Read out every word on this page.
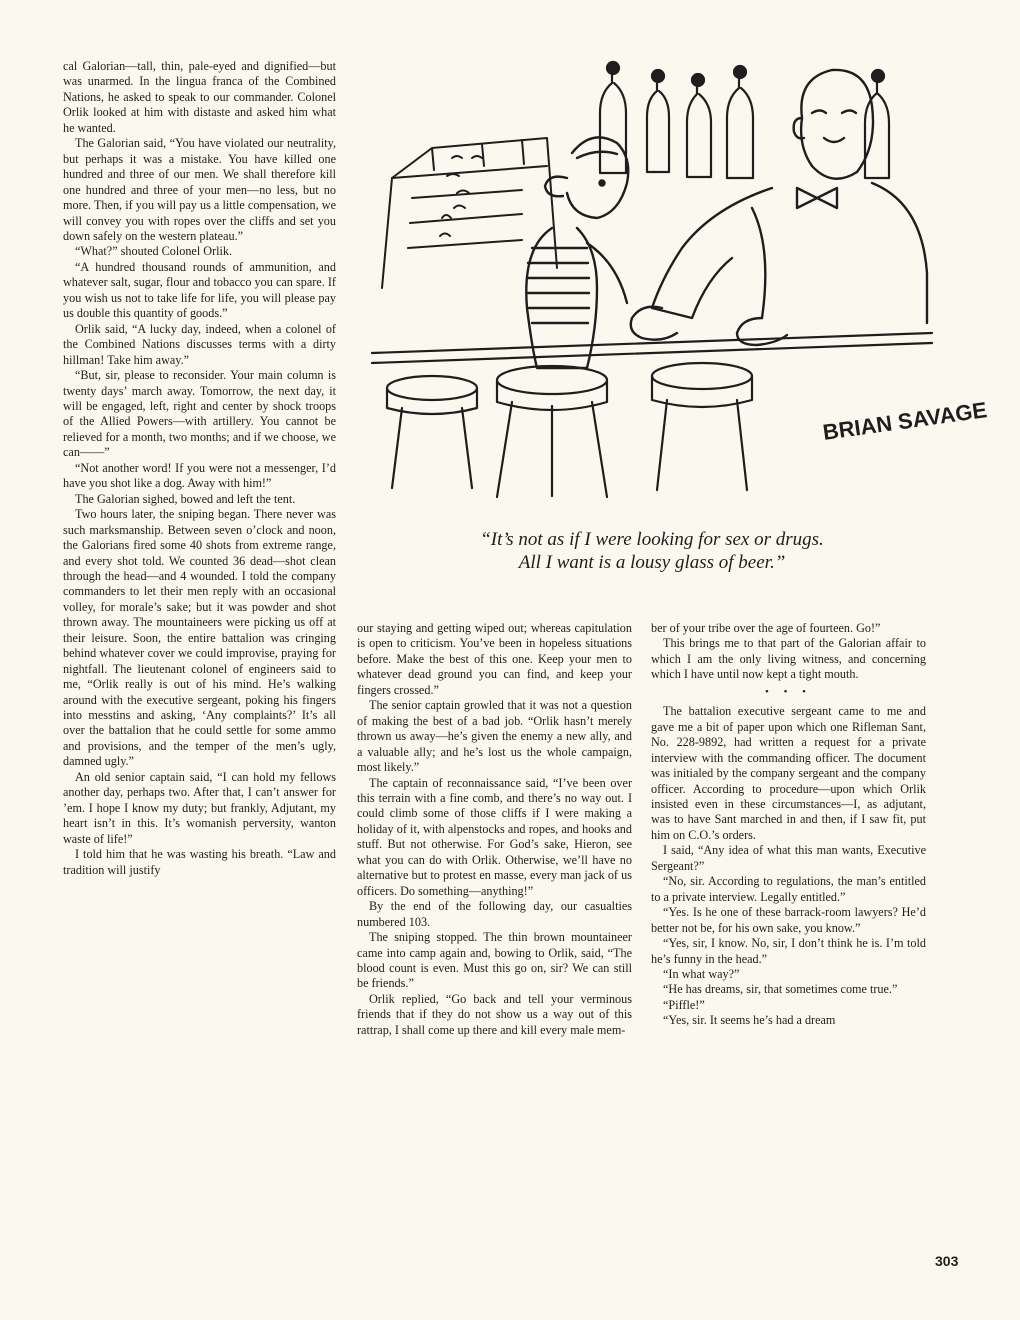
cal Galorian—tall, thin, pale-eyed and dignified—but was unarmed. In the lingua franca of the Combined Nations, he asked to speak to our commander. Colonel Orlik looked at him with distaste and asked him what he wanted.

The Galorian said, “You have violated our neutrality, but perhaps it was a mistake. You have killed one hundred and three of our men. We shall therefore kill one hundred and three of your men—no less, but no more. Then, if you will pay us a little compensation, we will convey you with ropes over the cliffs and set you down safely on the western plateau.”

“What?” shouted Colonel Orlik.

“A hundred thousand rounds of ammunition, and whatever salt, sugar, flour and tobacco you can spare. If you wish us not to take life for life, you will please pay us double this quantity of goods.”

Orlik said, “A lucky day, indeed, when a colonel of the Combined Nations discusses terms with a dirty hillman! Take him away.”

“But, sir, please to reconsider. Your main column is twenty days’ march away. Tomorrow, the next day, it will be engaged, left, right and center by shock troops of the Allied Powers—with artillery. You cannot be relieved for a month, two months; and if we choose, we can——”

“Not another word! If you were not a messenger, I’d have you shot like a dog. Away with him!”

The Galorian sighed, bowed and left the tent.

Two hours later, the sniping began. There never was such marksmanship. Between seven o’clock and noon, the Galorians fired some 40 shots from extreme range, and every shot told. We counted 36 dead—shot clean through the head—and 4 wounded. I told the company commanders to let their men reply with an occasional volley, for morale’s sake; but it was powder and shot thrown away. The mountaineers were picking us off at their leisure. Soon, the entire battalion was cringing behind whatever cover we could improvise, praying for nightfall. The lieutenant colonel of engineers said to me, “Orlik really is out of his mind. He’s walking around with the executive sergeant, poking his fingers into messtins and asking, ‘Any complaints?’ It’s all over the battalion that he could settle for some ammo and provisions, and the temper of the men’s ugly, damned ugly.”

An old senior captain said, “I can hold my fellows another day, perhaps two. After that, I can’t answer for ’em. I hope I know my duty; but frankly, Adjutant, my heart isn’t in this. It’s womanish perversity, wanton waste of life!”

I told him that he was wasting his breath. “Law and tradition will justify

BRIAN SAVAGE
“It’s not as if I were looking for sex or drugs.
All I want is a lousy glass of beer.”

our staying and getting wiped out; whereas capitulation is open to criticism. You’ve been in hopeless situations before. Make the best of this one. Keep your men to whatever dead ground you can find, and keep your fingers crossed.”

The senior captain growled that it was not a question of making the best of a bad job. “Orlik hasn’t merely thrown us away—he’s given the enemy a new ally, and a valuable ally; and he’s lost us the whole campaign, most likely.”

The captain of reconnaissance said, “I’ve been over this terrain with a fine comb, and there’s no way out. I could climb some of those cliffs if I were making a holiday of it, with alpenstocks and ropes, and hooks and stuff. But not otherwise. For God’s sake, Hieron, see what you can do with Orlik. Otherwise, we’ll have no alternative but to protest en masse, every man jack of us officers. Do something—anything!”

By the end of the following day, our casualties numbered 103.

The sniping stopped. The thin brown mountaineer came into camp again and, bowing to Orlik, said, “The blood count is even. Must this go on, sir? We can still be friends.”

Orlik replied, “Go back and tell your verminous friends that if they do not show us a way out of this rattrap, I shall come up there and kill every male mem-

ber of your tribe over the age of fourteen. Go!”

This brings me to that part of the Galorian affair to which I am the only living witness, and concerning which I have until now kept a tight mouth.

• • •

The battalion executive sergeant came to me and gave me a bit of paper upon which one Rifleman Sant, No. 228-9892, had written a request for a private interview with the commanding officer. The document was initialed by the company sergeant and the company officer. According to procedure—upon which Orlik insisted even in these circumstances—I, as adjutant, was to have Sant marched in and then, if I saw fit, put him on C.O.’s orders.

I said, “Any idea of what this man wants, Executive Sergeant?”

“No, sir. According to regulations, the man’s entitled to a private interview. Legally entitled.”

“Yes. Is he one of these barrack-room lawyers? He’d better not be, for his own sake, you know.”

“Yes, sir, I know. No, sir, I don’t think he is. I’m told he’s funny in the head.”

“In what way?”

“He has dreams, sir, that sometimes come true.”

“Piffle!”

“Yes, sir. It seems he’s had a dream

303
